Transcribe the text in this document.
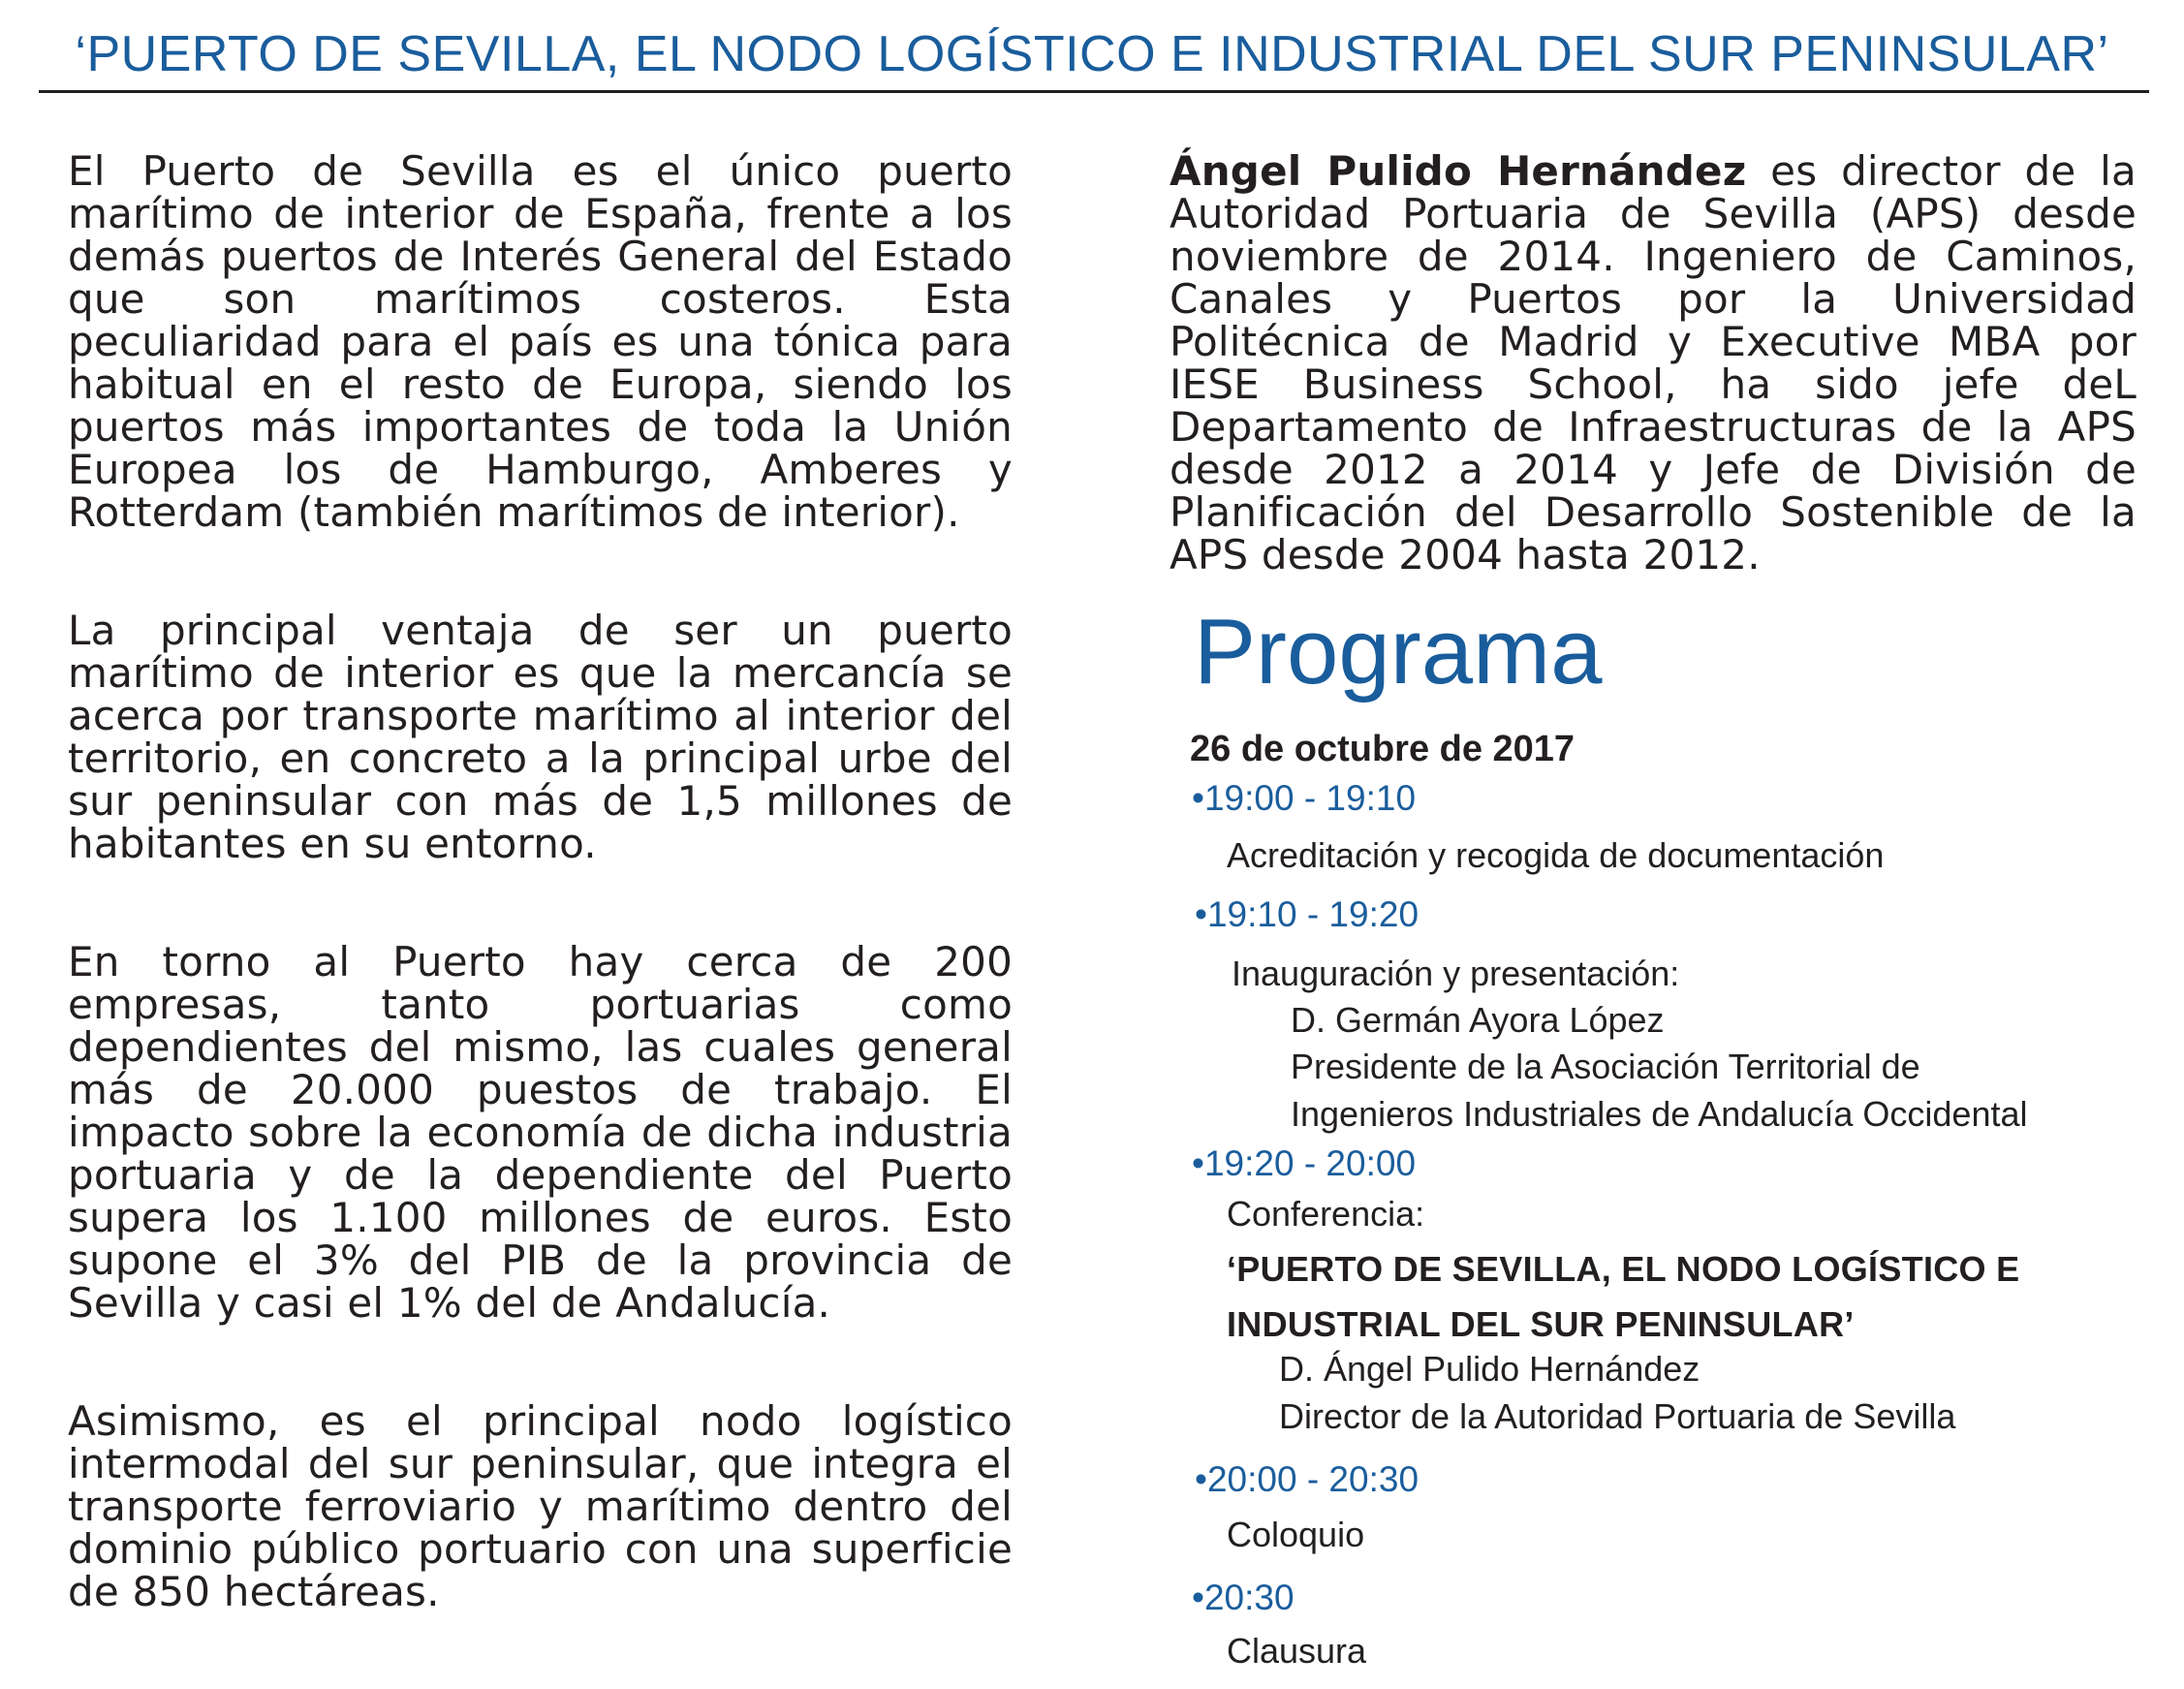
‘PUERTO DE SEVILLA, EL NODO LOGÍSTICO E INDUSTRIAL DEL SUR PENINSULAR’

El Puerto de Sevilla es el único puerto marítimo de interior de España, frente a los demás puertos de Interés General del Estado que son marítimos costeros. Esta peculiaridad para el país es una tónica para habitual en el resto de Europa, siendo los puertos más importantes de toda la Unión Europea los de Hamburgo, Amberes y Rotterdam (también marítimos de interior).

La principal ventaja de ser un puerto marítimo de interior es que la mercancía se acerca por transporte marítimo al interior del territorio, en concreto a la principal urbe del sur peninsular con más de 1,5 millones de habitantes en su entorno.

En torno al Puerto hay cerca de 200 empresas, tanto portuarias como dependientes del mismo, las cuales general más de 20.000 puestos de trabajo. El impacto sobre la economía de dicha industria portuaria y de la dependiente del Puerto supera los 1.100 millones de euros. Esto supone el 3% del PIB de la provincia de Sevilla y casi el 1% del de Andalucía.

Asimismo, es el principal nodo logístico intermodal del sur peninsular, que integra el transporte ferroviario y marítimo dentro del dominio público portuario con una superficie de 850 hectáreas.

Ángel Pulido Hernández es director de la Autoridad Portuaria de Sevilla (APS) desde noviembre de 2014. Ingeniero de Caminos, Canales y Puertos por la Universidad Politécnica de Madrid y Executive MBA por IESE Business School, ha sido jefe deL Departamento de Infraestructuras de la APS desde 2012 a 2014 y Jefe de División de Planificación del Desarrollo Sostenible de la APS desde 2004 hasta 2012.

Programa
26 de octubre de 2017
•19:00 - 19:10
Acreditación y recogida de documentación
•19:10 - 19:20
Inauguración y presentación:
D. Germán Ayora López
Presidente de la Asociación Territorial de
Ingenieros Industriales de Andalucía Occidental
•19:20 - 20:00
Conferencia:
‘PUERTO DE SEVILLA, EL NODO LOGÍSTICO E
INDUSTRIAL DEL SUR PENINSULAR’
D. Ángel Pulido Hernández
Director de la Autoridad Portuaria de Sevilla
•20:00 - 20:30
Coloquio
•20:30
Clausura
